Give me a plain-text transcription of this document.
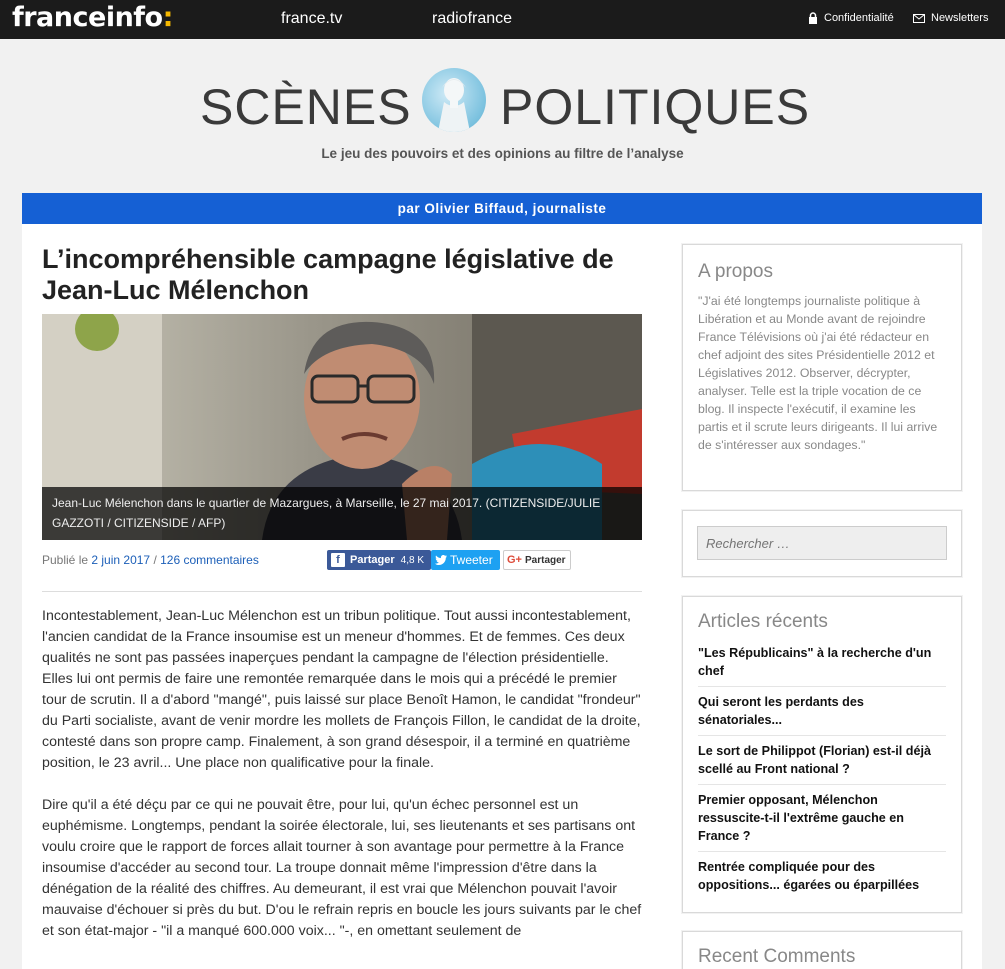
franceinfo:	france.tv	radiofrance	Confidentialité	Newsletters
SCÈNES POLITIQUES
Le jeu des pouvoirs et des opinions au filtre de l’analyse
par Olivier Biffaud, journaliste
L’incompréhensible campagne législative de Jean-Luc Mélenchon
Jean-Luc Mélenchon dans le quartier de Mazargues, à Marseille, le 27 mai 2017. (CITIZENSIDE/JULIE GAZZOTI / CITIZENSIDE / AFP)
Publié le 2 juin 2017 / 126 commentaires	f Partager 4,8 K Tweeter G+ Partager

Incontestablement, Jean-Luc Mélenchon est un tribun politique. Tout aussi incontestablement, l'ancien candidat de la France insoumise est un meneur d'hommes. Et de femmes. Ces deux qualités ne sont pas passées inaperçues pendant la campagne de l'élection présidentielle. Elles lui ont permis de faire une remontée remarquée dans le mois qui a précédé le premier tour de scrutin. Il a d'abord "mangé", puis laissé sur place Benoît Hamon, le candidat "frondeur" du Parti socialiste, avant de venir mordre les mollets de François Fillon, le candidat de la droite, contesté dans son propre camp. Finalement, à son grand désespoir, il a terminé en quatrième position, le 23 avril... Une place non qualificative pour la finale.

Dire qu'il a été déçu par ce qui ne pouvait être, pour lui, qu'un échec personnel est un euphémisme. Longtemps, pendant la soirée électorale, lui, ses lieutenants et ses partisans ont voulu croire que le rapport de forces allait tourner à son avantage pour permettre à la France insoumise d'accéder au second tour. La troupe donnait même l'impression d'être dans la dénégation de la réalité des chiffres. Au demeurant, il est vrai que Mélenchon pouvait l'avoir mauvaise d'échouer si près du but. D'ou le refrain repris en boucle les jours suivants par le chef et son état-major - "il a manqué 600.000 voix... "-, en omettant seulement de

A propos
"J'ai été longtemps journaliste politique à Libération et au Monde avant de rejoindre France Télévisions où j'ai été rédacteur en chef adjoint des sites Présidentielle 2012 et Législatives 2012. Observer, décrypter, analyser. Telle est la triple vocation de ce blog. Il inspecte l'exécutif, il examine les partis et il scrute leurs dirigeants. Il lui arrive de s'intéresser aux sondages."
Rechercher …
Articles récents
"Les Républicains" à la recherche d'un chef
Qui seront les perdants des sénatoriales...
Le sort de Philippot (Florian) est-il déjà scellé au Front national ?
Premier opposant, Mélenchon ressuscite-t-il l'extrême gauche en France ?
Rentrée compliquée pour des oppositions... égarées ou éparpillées
Recent Comments
